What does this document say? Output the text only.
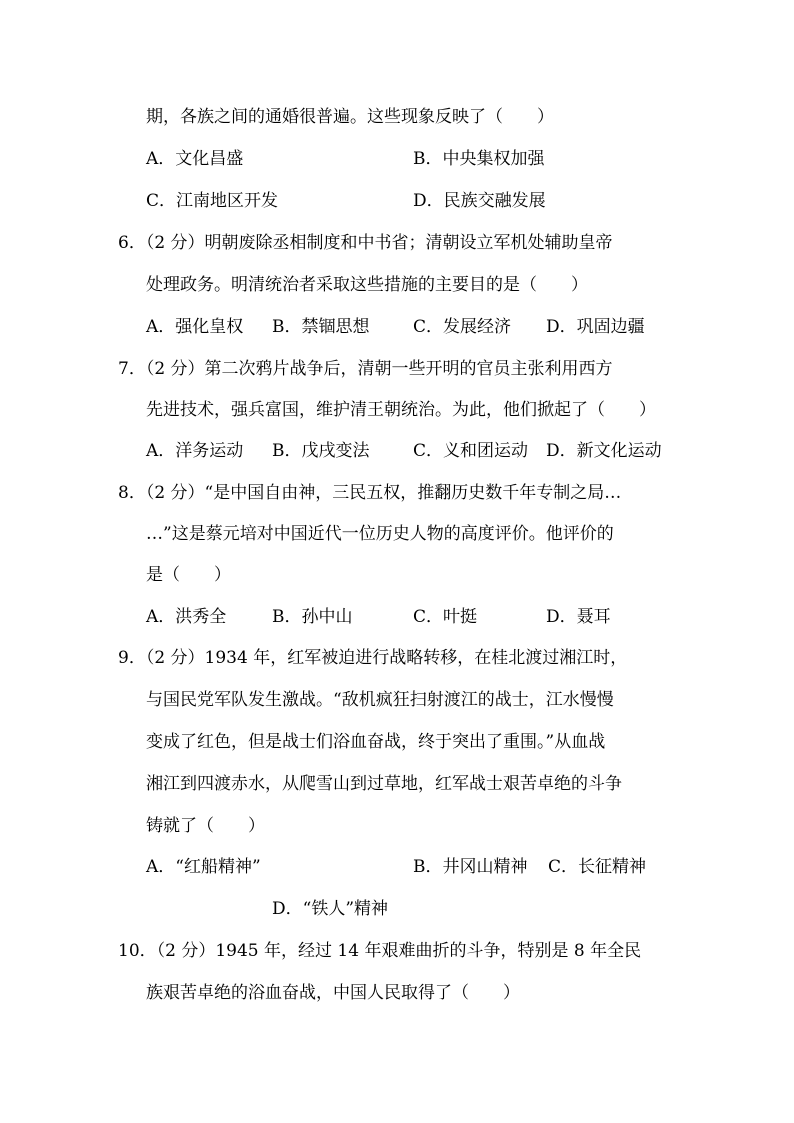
期，各族之间的通婚很普遍。这些现象反映了（　　）
A．文化昌盛	B．中央集权加强
C．江南地区开发	D．民族交融发展
6．（2 分）明朝废除丞相制度和中书省；清朝设立军机处辅助皇帝
处理政务。明清统治者采取这些措施的主要目的是（　　）
A．强化皇权 B．禁锢思想	C．发展经济 D．巩固边疆
7．（2 分）第二次鸦片战争后，清朝一些开明的官员主张利用西方
先进技术，强兵富国，维护清王朝统治。为此，他们掀起了（　　）
A．洋务运动 B．戊戌变法	C．义和团运动 D．新文化运动
8．（2 分）“是中国自由神，三民五权，推翻历史数千年专制之局…
…”这是蔡元培对中国近代一位历史人物的高度评价。他评价的
是（　　）
A．洪秀全	B．孙中山	C．叶挺	D．聂耳
9．（2 分）1934 年，红军被迫进行战略转移，在桂北渡过湘江时，
与国民党军队发生激战。“敌机疯狂扫射渡江的战士，江水慢慢
变成了红色，但是战士们浴血奋战，终于突出了重围。”从血战
湘江到四渡赤水，从爬雪山到过草地，红军战士艰苦卓绝的斗争
铸就了（　　）
A．“红船精神”	B．井冈山精神 C．长征精神
D．“铁人”精神
10．（2 分）1945 年，经过 14 年艰难曲折的斗争，特别是 8 年全民
族艰苦卓绝的浴血奋战，中国人民取得了（　　）
